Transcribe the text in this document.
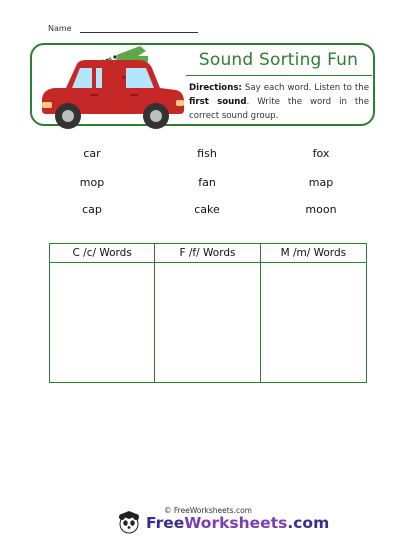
Name
Sound Sorting Fun
Directions: Say each word. Listen to the first sound. Write the word in the correct sound group.
car	fish	fox
mop	fan	map
cap	cake	moon
C /c/ Words	F /f/ Words	M /m/ Words
© FreeWorksheets.com
FreeWorksheets.com
